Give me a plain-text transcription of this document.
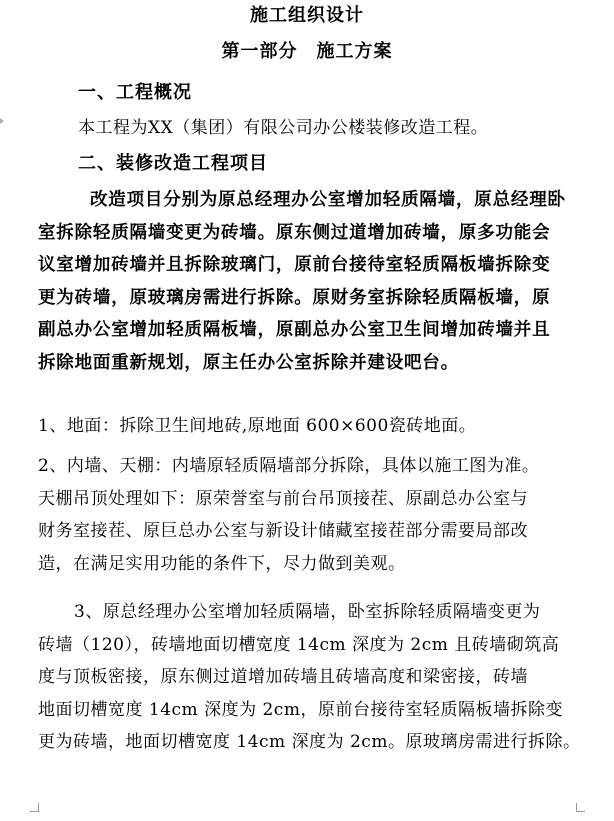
施工组织设计
第一部分　施工方案
一、工程概况
本工程为XX（集团）有限公司办公楼装修改造工程。
二、装修改造工程项目
改造项目分别为原总经理办公室增加轻质隔墙，原总经理卧
室拆除轻质隔墙变更为砖墙。原东侧过道增加砖墙，原多功能会
议室增加砖墙并且拆除玻璃门，原前台接待室轻质隔板墙拆除变
更为砖墙，原玻璃房需进行拆除。原财务室拆除轻质隔板墙，原
副总办公室增加轻质隔板墙，原副总办公室卫生间增加砖墙并且
拆除地面重新规划，原主任办公室拆除并建设吧台。
1、地面：拆除卫生间地砖,原地面 600×600瓷砖地面。
2、内墙、天棚：内墙原轻质隔墙部分拆除，具体以施工图为准。
天棚吊顶处理如下：原荣誉室与前台吊顶接茬、原副总办公室与
财务室接茬、原巨总办公室与新设计储藏室接茬部分需要局部改
造，在满足实用功能的条件下，尽力做到美观。
3、原总经理办公室增加轻质隔墙，卧室拆除轻质隔墙变更为
砖墙（120），砖墙地面切槽宽度 14cm 深度为 2cm 且砖墙砌筑高
度与顶板密接，原东侧过道增加砖墙且砖墙高度和梁密接，砖墙
地面切槽宽度 14cm 深度为 2cm，原前台接待室轻质隔板墙拆除变
更为砖墙，地面切槽宽度 14cm 深度为 2cm。原玻璃房需进行拆除。
